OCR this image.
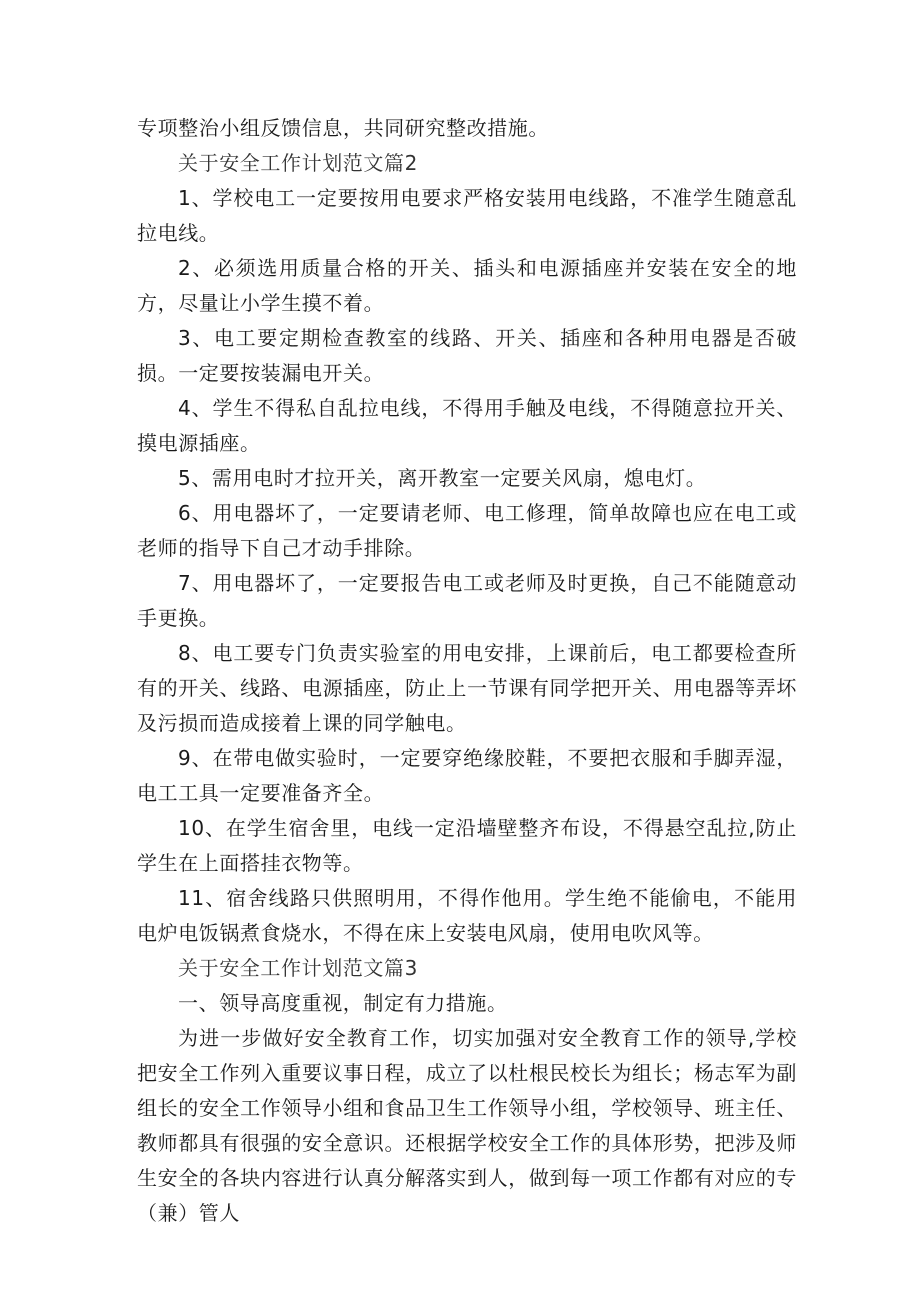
专项整治小组反馈信息，共同研究整改措施。

关于安全工作计划范文篇2

1、学校电工一定要按用电要求严格安装用电线路，不准学生随意乱拉电线。

2、必须选用质量合格的开关、插头和电源插座并安装在安全的地方，尽量让小学生摸不着。

3、电工要定期检查教室的线路、开关、插座和各种用电器是否破损。一定要按装漏电开关。

4、学生不得私自乱拉电线，不得用手触及电线，不得随意拉开关、摸电源插座。

5、需用电时才拉开关，离开教室一定要关风扇，熄电灯。

6、用电器坏了，一定要请老师、电工修理，简单故障也应在电工或老师的指导下自己才动手排除。

7、用电器坏了，一定要报告电工或老师及时更换，自己不能随意动手更换。

8、电工要专门负责实验室的用电安排，上课前后，电工都要检查所有的开关、线路、电源插座，防止上一节课有同学把开关、用电器等弄坏及污损而造成接着上课的同学触电。

9、在带电做实验时，一定要穿绝缘胶鞋，不要把衣服和手脚弄湿，电工工具一定要准备齐全。

10、在学生宿舍里，电线一定沿墙壁整齐布设，不得悬空乱拉,防止学生在上面搭挂衣物等。

11、宿舍线路只供照明用，不得作他用。学生绝不能偷电，不能用电炉电饭锅煮食烧水，不得在床上安装电风扇，使用电吹风等。

关于安全工作计划范文篇3

一、领导高度重视，制定有力措施。

为进一步做好安全教育工作，切实加强对安全教育工作的领导,学校把安全工作列入重要议事日程，成立了以杜根民校长为组长；杨志军为副组长的安全工作领导小组和食品卫生工作领导小组，学校领导、班主任、教师都具有很强的安全意识。还根据学校安全工作的具体形势，把涉及师生安全的各块内容进行认真分解落实到人，做到每一项工作都有对应的专（兼）管人
